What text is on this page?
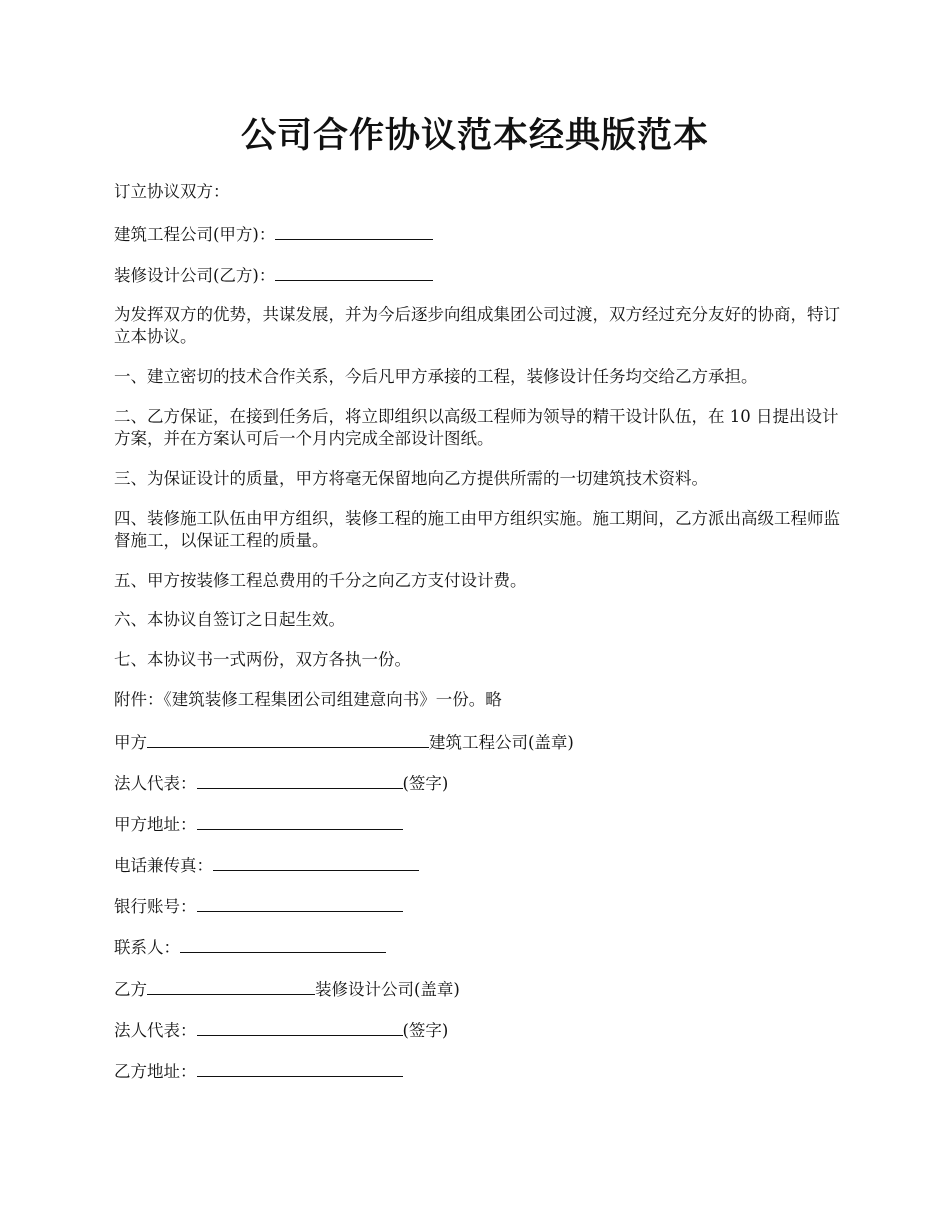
公司合作协议范本经典版范本

订立协议双方：

建筑工程公司(甲方)：

装修设计公司(乙方)：

为发挥双方的优势，共谋发展，并为今后逐步向组成集团公司过渡，双方经过充分友好的协商，特订立本协议。

一、建立密切的技术合作关系，今后凡甲方承接的工程，装修设计任务均交给乙方承担。

二、乙方保证，在接到任务后，将立即组织以高级工程师为领导的精干设计队伍，在 10 日提出设计方案，并在方案认可后一个月内完成全部设计图纸。

三、为保证设计的质量，甲方将毫无保留地向乙方提供所需的一切建筑技术资料。

四、装修施工队伍由甲方组织，装修工程的施工由甲方组织实施。施工期间，乙方派出高级工程师监督施工，以保证工程的质量。

五、甲方按装修工程总费用的千分之向乙方支付设计费。

六、本协议自签订之日起生效。

七、本协议书一式两份，双方各执一份。

附件：《建筑装修工程集团公司组建意向书》一份。略

甲方	建筑工程公司(盖章)

法人代表：	(签字)

甲方地址：

电话兼传真：

银行账号：

联系人：

乙方	装修设计公司(盖章)

法人代表：	(签字)

乙方地址：
